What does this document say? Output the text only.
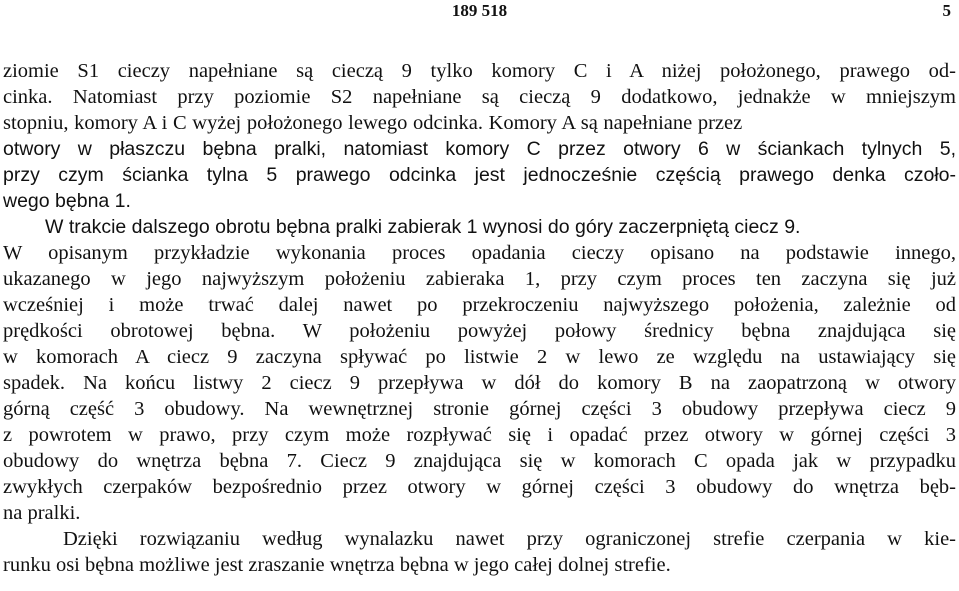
189 518	5
ziomie S1 cieczy napełniane są cieczą 9 tylko komory C i A niżej położonego, prawego od-
cinka. Natomiast przy poziomie S2 napełniane są cieczą 9 dodatkowo, jednakże w mniejszym
stopniu, komory A i C wyżej położonego lewego odcinka. Komory A są napełniane przez
otwory w płaszczu bębna pralki, natomiast komory C przez otwory 6 w ściankach tylnych 5,
przy czym ścianka tylna 5 prawego odcinka jest jednocześnie częścią prawego denka czoło-
wego bębna 1.
W trakcie dalszego obrotu bębna pralki zabierak 1 wynosi do góry zaczerpniętą ciecz 9.
W opisanym przykładzie wykonania proces opadania cieczy opisano na podstawie innego,
ukazanego w jego najwyższym położeniu zabieraka 1, przy czym proces ten zaczyna się już
wcześniej i może trwać dalej nawet po przekroczeniu najwyższego położenia, zależnie od
prędkości obrotowej bębna. W położeniu powyżej połowy średnicy bębna znajdująca się
w komorach A ciecz 9 zaczyna spływać po listwie 2 w lewo ze względu na ustawiający się
spadek. Na końcu listwy 2 ciecz 9 przepływa w dół do komory B na zaopatrzoną w otwory
górną część 3 obudowy. Na wewnętrznej stronie górnej części 3 obudowy przepływa ciecz 9
z powrotem w prawo, przy czym może rozpływać się i opadać przez otwory w górnej części 3
obudowy do wnętrza bębna 7. Ciecz 9 znajdująca się w komorach C opada jak w przypadku
zwykłych czerpaków bezpośrednio przez otwory w górnej części 3 obudowy do wnętrza bęb-
na pralki.
Dzięki rozwiązaniu według wynalazku nawet przy ograniczonej strefie czerpania w kie-
runku osi bębna możliwe jest zraszanie wnętrza bębna w jego całej dolnej strefie.
